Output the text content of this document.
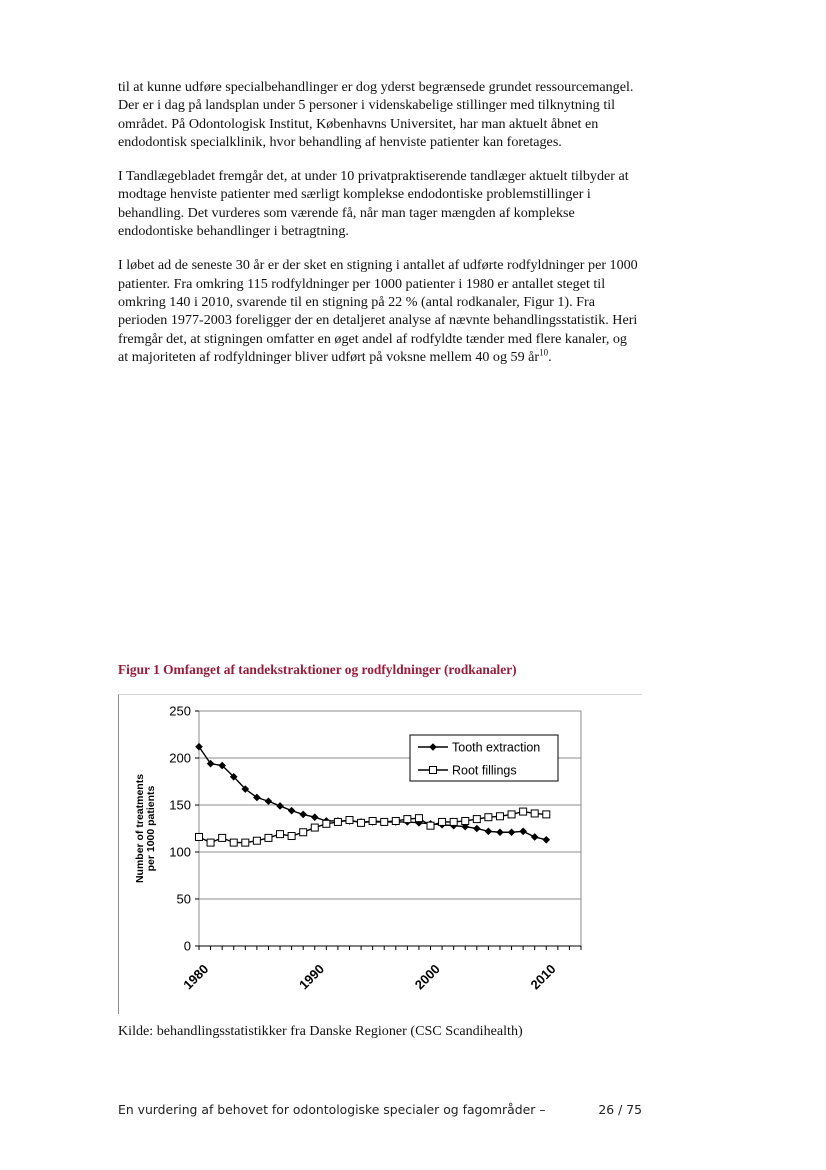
til at kunne udføre specialbehandlinger er dog yderst begrænsede grundet ressourcemangel. Der er i dag på landsplan under 5 personer i videnskabelige stillinger med tilknytning til området. På Odontologisk Institut, Københavns Universitet, har man aktuelt åbnet en endodontisk specialklinik, hvor behandling af henviste patienter kan foretages.

I Tandlægebladet fremgår det, at under 10 privatpraktiserende tandlæger aktuelt tilbyder at modtage henviste patienter med særligt komplekse endodontiske problemstillinger i behandling. Det vurderes som værende få, når man tager mængden af komplekse endodontiske behandlinger i betragtning.

I løbet ad de seneste 30 år er der sket en stigning i antallet af udførte rodfyldninger per 1000 patienter. Fra omkring 115 rodfyldninger per 1000 patienter i 1980 er antallet steget til omkring 140 i 2010, svarende til en stigning på 22 % (antal rodkanaler, Figur 1). Fra perioden 1977-2003 foreligger der en detaljeret analyse af nævnte behandlingsstatistik. Heri fremgår det, at stigningen omfatter en øget andel af rodfyldte tænder med flere kanaler, og at majoriteten af rodfyldninger bliver udført på voksne mellem 40 og 59 $år^{10}$.

Figur 1 Omfanget af tandekstraktioner og rodfyldninger (rodkanaler)
0
50
100
150
200
250
1980	1990	2000	2010
Number of treatments per 1000 patients
Tooth extraction
Root fillings
Kilde: behandlingsstatistikker fra Danske Regioner (CSC Scandihealth)
En vurdering af behovet for odontologiske specialer og fagområder –	26 / 75
